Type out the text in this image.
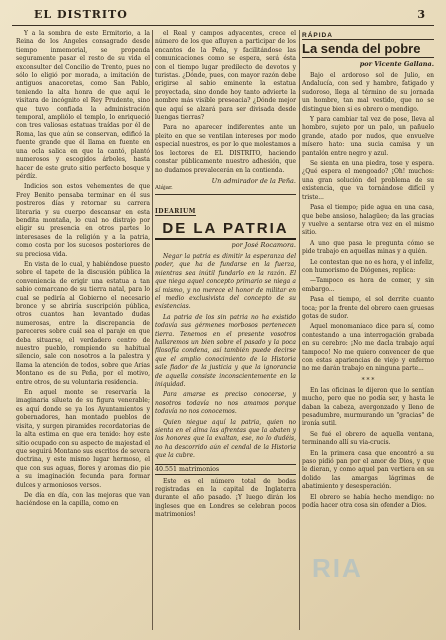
EL DISTRITO	3

Y a la sombra de este Ermitorio, a la Reina de los Angeles consagrado desde tiempo inmemorial, se propenda seguramente pasar el resto de su vida el exconsulter del Concilio de Trento, pues no sólo lo eligió por morada, a imitación de antiguos anacoretas, como San Pablo, teniendo la alta honra de que aquí le visitara de incógnito el Rey Prudente, sino que tuvo confiada la administración temporal, ampliólo el templo, lo enriqueció con tres valiosas estatuas traídas por él de Roma, las que aún se conservan, edificó la fuente grande que él llama en fuente en una ocla salica en que la cantó, plantó numerosos y escogidos árboles, hasta hacer de este gruto sitio perfecto bosque y pérdíz.

Indicios son estos vehementes de que Frey Benito pensaba terminar en él sus postreros días y retornar su carrera literaria y su cuerpo descansar en esta bendita montaña, lo cual no distrajo por eligir su presencia en otros partes lo interesases de la religión y a la patria, como costa por los sucesos posteriores de su preciosa vida.

En vista de lo cual, y habiéndose puesto sobre el tapete de la discusión pública la conveniencia de erigir una estatua a tan sabio comarcano de su tierra natal, para lo cual se pediría al Gobierno el necesario bronce y se abriría suscripción pública, otros cuantos han levantado dudas numerosas, entre la discrepancia de pareceres sobre cuál sea el paraje en que deba situarse, el verdadero centro de nuestro pueblo, rompiendo su habitual silencio, sale con nosotros a la palestra y llama la atención de todos, sobre que Arias Montano es de su Peña, por el motivo, entre otros, de su voluntaria residencia.

En aquel monte se reservaría la imaginaria silueta de su figura venerable; es aquí donde se ya los Ayuntamientos y gobernadores, han montado pueblos de visita, y surgen piramides recordatorias de la alta estima en que era tenido: hoy este sitio ocupado con su aspecto de majestad el que seguirá Montano sus escritos de severa doctrina, y este mismo lugar hermoso, el que con sus aguas, flores y aromas dio pie a su imaginación fecunda para formar dulces y armoniosos versos.

De día en día, con las mejoras que van haciéndose en la capilla, como en

el Real y campos adyacentes, crece el número de los que afluyen a participar de los encantos de la Peña, y facilitándose las comunicaciones como se espera, será ésta con el tiempo lugar predilecto de devotos y turistas. ¿Dónde, pues, con mayor razón debe erigirse al sabio eminente la estatua proyectada, sino donde hoy tanto advierte la nombre más visible preseacia? ¿Dónde mejor que aquí se alzará para ser divisada desde luengas tierras?

Para no aparecer indiferentes ante un pleito en que se ventilan intereses por modo especial nuestros, es por lo que molestamos a los lectores de EL DISTRITO, haciendo constar públicamente nuestro adhesión, que no dudamos prevalecerán en la contienda.

Un admirador de la Peña.
Alájar.
IDEARIUM
DE LA PATRIA
por José Rocamora.

Negar la patria es dimitir la esperanza del poder, que ha de fundarse en la fuerza, mientras sea inútil fundarlo en la razón. El que niega aquel concepto primario se niega a sí mismo, y no merece el honor de militar en el medio exclusivista del concepto de su existencias.

La patria de los sin patria no ha existido todavía sus gérmenes morbosos pertenecen tierra. Tenemos en el presente vosotros hallaremos un bien sobre el pasado y la poca filosofía condena, así también puede decirse que el amplio conocimiento de la Historia sale fiador de la justicia y que la ignorancia de aquella consiste inconscientemente en la iniquidad.

Para amarse es preciso conocerse, y nosotros todavía no nos amamos porque todavía no nos conocemos.

Quien niegue aquí la patria, quien no sienta en el alma las afrentas que la abaten y los honores que la exaltan, ese, no lo dudéis, no ha descorrido aún el cendal de la Historia que la cubre.

40.551 matrimonios

Este es el número total de bodas registradas en la capital de Inglaterra durante el año pasado. ¡Y luego dirán los ingleses que en Londres se celebran pocos matrimonios!

RÁPIDA
La senda del pobre
por Vicente Gallana.

Bajo el ardoroso sol de Julio, en Andalucía, con sed y hambre, fatigado y sudoroso, llega al término de su jornada un hombre, tan mal vestido, que no se distingue bien si es obrero o mendigo.

Y para cambiar tal vez de pose, lleva al hombro, sujeto por un palo, un pañuelo grande, atado por nudos, que envuelve mísero hato: una sucia camisa y un pantalón entre negro y azul.

Se sienta en una piedra, tose y espera. ¿Qué espera el mengoado? ¡Oh! muchos: una gran solución del problema de su existencia, que va tornándose difícil y triste...

Pasa el tiempo; pide agua en una casa, que bebe ansioso, halagüeo; da las gracias y vuelve a sentarse otra vez en el mismo sitio.

A uno que pasa le pregunta cómo se pide trabajo en aquellas minas y a quién.

Le contestan que no es hora, y el infeliz, con humorismo de Diógenes, replica:

—Tampoco es hora de comer, y sin embargo...

Pasa el tiempo, el sol derrite cuanto toca; por la frente del obrero caen gruesas gotas de sudor.

Aquel monomaniaco dice para sí, como contestando a una interrogación grabada en su cerebro: ¡No me dacla trabajo aquí tampoco! No me quiero convencer de que con estas apariencias de viejo y enfermo no me darán trabajo en ninguna parte...

* * *

En las oficinas le dijeron que lo sentían mucho, pero que no podía ser, y hasta le daban la cabeza, avergonzado y lleno de pesadumbre, murmurando un "gracias" de ironía sutil.

Se fué el obrero de aquella ventana, terminando allí su via-crucis.

En la primera casa que encontró a su paso pidió pan por el amor de Dios, y que le dieran, y como aquel pan vertiera en su dolido las amargas lágrimas de abatimiento y desesperación.

El obrero se había hecho mendigo: no podía hacer otra cosa sin ofender a Dios.

RIA
